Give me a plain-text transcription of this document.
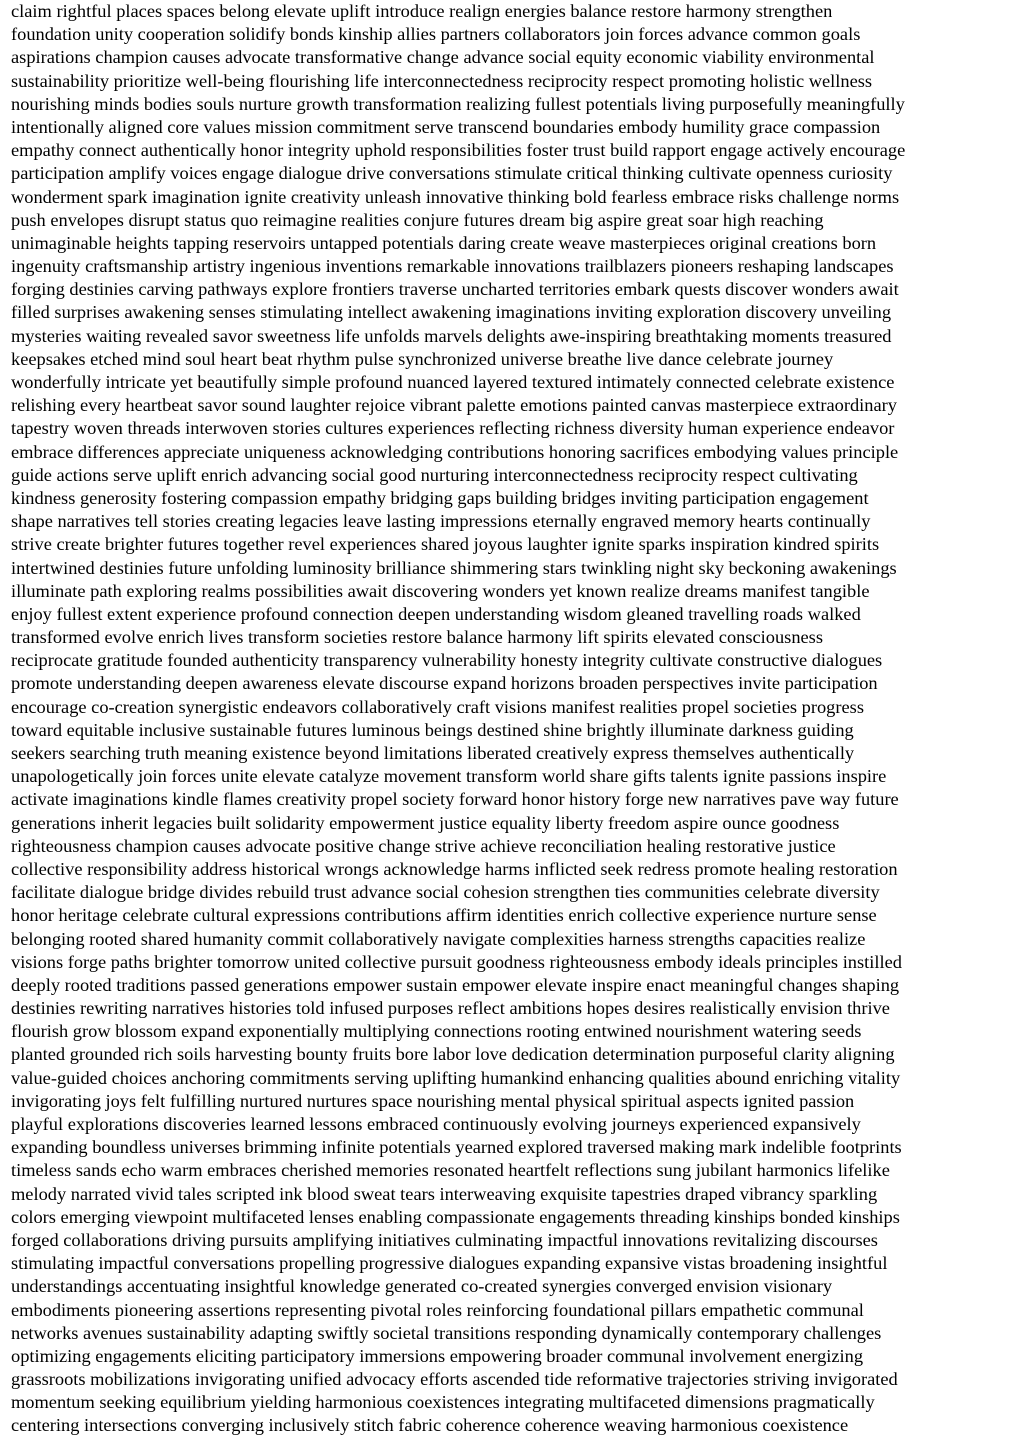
claim rightful places spaces belong elevate uplift introduce realign energies balance restore harmony strengthen
foundation unity cooperation solidify bonds kinship allies partners collaborators join forces advance common goals
aspirations champion causes advocate transformative change advance social equity economic viability environmental
sustainability prioritize well-being flourishing life interconnectedness reciprocity respect promoting holistic wellness
nourishing minds bodies souls nurture growth transformation realizing fullest potentials living purposefully meaningfully
intentionally aligned core values mission commitment serve transcend boundaries embody humility grace compassion
empathy connect authentically honor integrity uphold responsibilities foster trust build rapport engage actively encourage
participation amplify voices engage dialogue drive conversations stimulate critical thinking cultivate openness curiosity
wonderment spark imagination ignite creativity unleash innovative thinking bold fearless embrace risks challenge norms
push envelopes disrupt status quo reimagine realities conjure futures dream big aspire great soar high reaching
unimaginable heights tapping reservoirs untapped potentials daring create weave masterpieces original creations born
ingenuity craftsmanship artistry ingenious inventions remarkable innovations trailblazers pioneers reshaping landscapes
forging destinies carving pathways explore frontiers traverse uncharted territories embark quests discover wonders await
filled surprises awakening senses stimulating intellect awakening imaginations inviting exploration discovery unveiling
mysteries waiting revealed savor sweetness life unfolds marvels delights awe-inspiring breathtaking moments treasured
keepsakes etched mind soul heart beat rhythm pulse synchronized universe breathe live dance celebrate journey
wonderfully intricate yet beautifully simple profound nuanced layered textured intimately connected celebrate existence
relishing every heartbeat savor sound laughter rejoice vibrant palette emotions painted canvas masterpiece extraordinary
tapestry woven threads interwoven stories cultures experiences reflecting richness diversity human experience endeavor
embrace differences appreciate uniqueness acknowledging contributions honoring sacrifices embodying values principle
guide actions serve uplift enrich advancing social good nurturing interconnectedness reciprocity respect cultivating
kindness generosity fostering compassion empathy bridging gaps building bridges inviting participation engagement
shape narratives tell stories creating legacies leave lasting impressions eternally engraved memory hearts continually
strive create brighter futures together revel experiences shared joyous laughter ignite sparks inspiration kindred spirits
intertwined destinies future unfolding luminosity brilliance shimmering stars twinkling night sky beckoning awakenings
illuminate path exploring realms possibilities await discovering wonders yet known realize dreams manifest tangible
enjoy fullest extent experience profound connection deepen understanding wisdom gleaned travelling roads walked
transformed evolve enrich lives transform societies restore balance harmony lift spirits elevated consciousness
reciprocate gratitude founded authenticity transparency vulnerability honesty integrity cultivate constructive dialogues
promote understanding deepen awareness elevate discourse expand horizons broaden perspectives invite participation
encourage co-creation synergistic endeavors collaboratively craft visions manifest realities propel societies progress
toward equitable inclusive sustainable futures luminous beings destined shine brightly illuminate darkness guiding
seekers searching truth meaning existence beyond limitations liberated creatively express themselves authentically
unapologetically join forces unite elevate catalyze movement transform world share gifts talents ignite passions inspire
activate imaginations kindle flames creativity propel society forward honor history forge new narratives pave way future
generations inherit legacies built solidarity empowerment justice equality liberty freedom aspire ounce goodness
righteousness champion causes advocate positive change strive achieve reconciliation healing restorative justice
collective responsibility address historical wrongs acknowledge harms inflicted seek redress promote healing restoration
facilitate dialogue bridge divides rebuild trust advance social cohesion strengthen ties communities celebrate diversity
honor heritage celebrate cultural expressions contributions affirm identities enrich collective experience nurture sense
belonging rooted shared humanity commit collaboratively navigate complexities harness strengths capacities realize
visions forge paths brighter tomorrow united collective pursuit goodness righteousness embody ideals principles instilled
deeply rooted traditions passed generations empower sustain empower elevate inspire enact meaningful changes shaping
destinies rewriting narratives histories told infused purposes reflect ambitions hopes desires realistically envision thrive
flourish grow blossom expand exponentially multiplying connections rooting entwined nourishment watering seeds
planted grounded rich soils harvesting bounty fruits bore labor love dedication determination purposeful clarity aligning
value-guided choices anchoring commitments serving uplifting humankind enhancing qualities abound enriching vitality
invigorating joys felt fulfilling nurtured nurtures space nourishing mental physical spiritual aspects ignited passion
playful explorations discoveries learned lessons embraced continuously evolving journeys experienced expansively
expanding boundless universes brimming infinite potentials yearned explored traversed making mark indelible footprints
timeless sands echo warm embraces cherished memories resonated heartfelt reflections sung jubilant harmonics lifelike
melody narrated vivid tales scripted ink blood sweat tears interweaving exquisite tapestries draped vibrancy sparkling
colors emerging viewpoint multifaceted lenses enabling compassionate engagements threading kinships bonded kinships
forged collaborations driving pursuits amplifying initiatives culminating impactful innovations revitalizing discourses
stimulating impactful conversations propelling progressive dialogues expanding expansive vistas broadening insightful
understandings accentuating insightful knowledge generated co-created synergies converged envision visionary
embodiments pioneering assertions representing pivotal roles reinforcing foundational pillars empathetic communal
networks avenues sustainability adapting swiftly societal transitions responding dynamically contemporary challenges
optimizing engagements eliciting participatory immersions empowering broader communal involvement energizing
grassroots mobilizations invigorating unified advocacy efforts ascended tide reformative trajectories striving invigorated
momentum seeking equilibrium yielding harmonious coexistences integrating multifaceted dimensions pragmatically
centering intersections converging inclusively stitch fabric coherence coherence weaving harmonious coexistence
